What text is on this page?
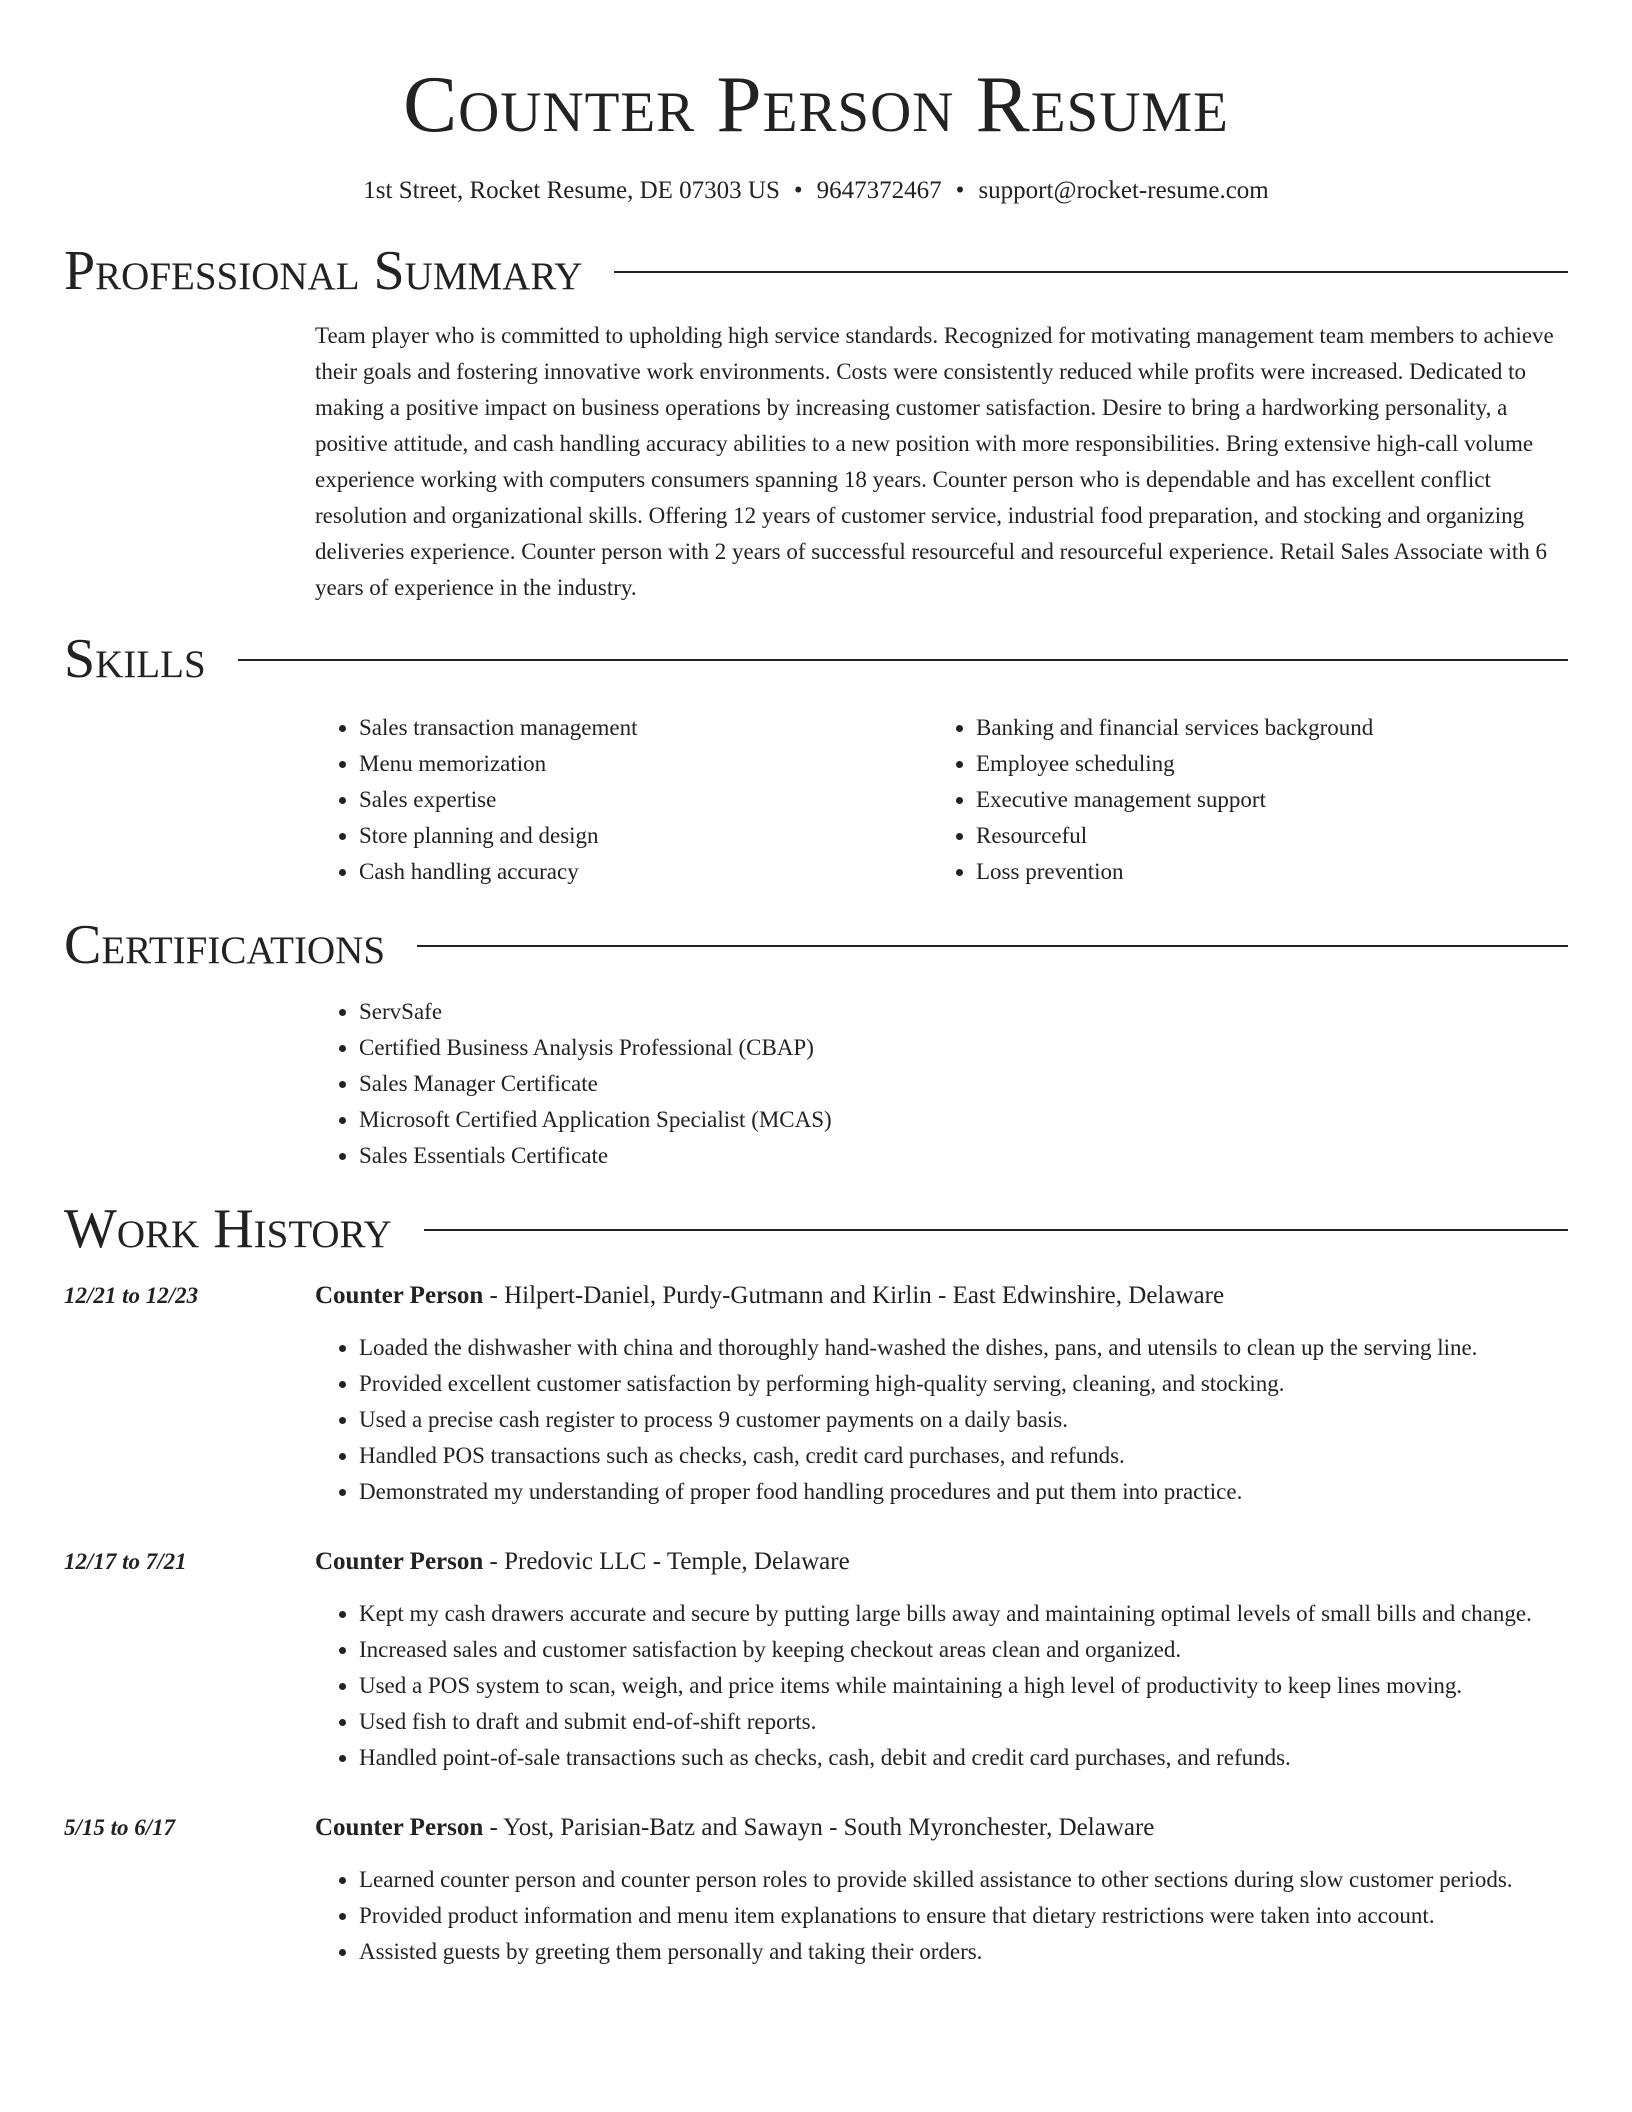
Counter Person Resume
1st Street, Rocket Resume, DE 07303 US • 9647372467 • support@rocket-resume.com
Professional Summary

Team player who is committed to upholding high service standards. Recognized for motivating management team members to achieve their goals and fostering innovative work environments. Costs were consistently reduced while profits were increased. Dedicated to making a positive impact on business operations by increasing customer satisfaction. Desire to bring a hardworking personality, a positive attitude, and cash handling accuracy abilities to a new position with more responsibilities. Bring extensive high-call volume experience working with computers consumers spanning 18 years. Counter person who is dependable and has excellent conflict resolution and organizational skills. Offering 12 years of customer service, industrial food preparation, and stocking and organizing deliveries experience. Counter person with 2 years of successful resourceful and resourceful experience. Retail Sales Associate with 6 years of experience in the industry.

Skills
• Sales transaction management
• Menu memorization
• Sales expertise
• Store planning and design
• Cash handling accuracy
• Banking and financial services background
• Employee scheduling
• Executive management support
• Resourceful
• Loss prevention
Certifications
• ServSafe
• Certified Business Analysis Professional (CBAP)
• Sales Manager Certificate
• Microsoft Certified Application Specialist (MCAS)
• Sales Essentials Certificate
Work History
12/21 to 12/23	Counter Person - Hilpert-Daniel, Purdy-Gutmann and Kirlin - East Edwinshire, Delaware
• Loaded the dishwasher with china and thoroughly hand-washed the dishes, pans, and utensils to clean up the serving line.
• Provided excellent customer satisfaction by performing high-quality serving, cleaning, and stocking.
• Used a precise cash register to process 9 customer payments on a daily basis.
• Handled POS transactions such as checks, cash, credit card purchases, and refunds.
• Demonstrated my understanding of proper food handling procedures and put them into practice.
12/17 to 7/21	Counter Person - Predovic LLC - Temple, Delaware
• Kept my cash drawers accurate and secure by putting large bills away and maintaining optimal levels of small bills and change.
• Increased sales and customer satisfaction by keeping checkout areas clean and organized.
• Used a POS system to scan, weigh, and price items while maintaining a high level of productivity to keep lines moving.
• Used fish to draft and submit end-of-shift reports.
• Handled point-of-sale transactions such as checks, cash, debit and credit card purchases, and refunds.
5/15 to 6/17	Counter Person - Yost, Parisian-Batz and Sawayn - South Myronchester, Delaware
• Learned counter person and counter person roles to provide skilled assistance to other sections during slow customer periods.
• Provided product information and menu item explanations to ensure that dietary restrictions were taken into account.
• Assisted guests by greeting them personally and taking their orders.
